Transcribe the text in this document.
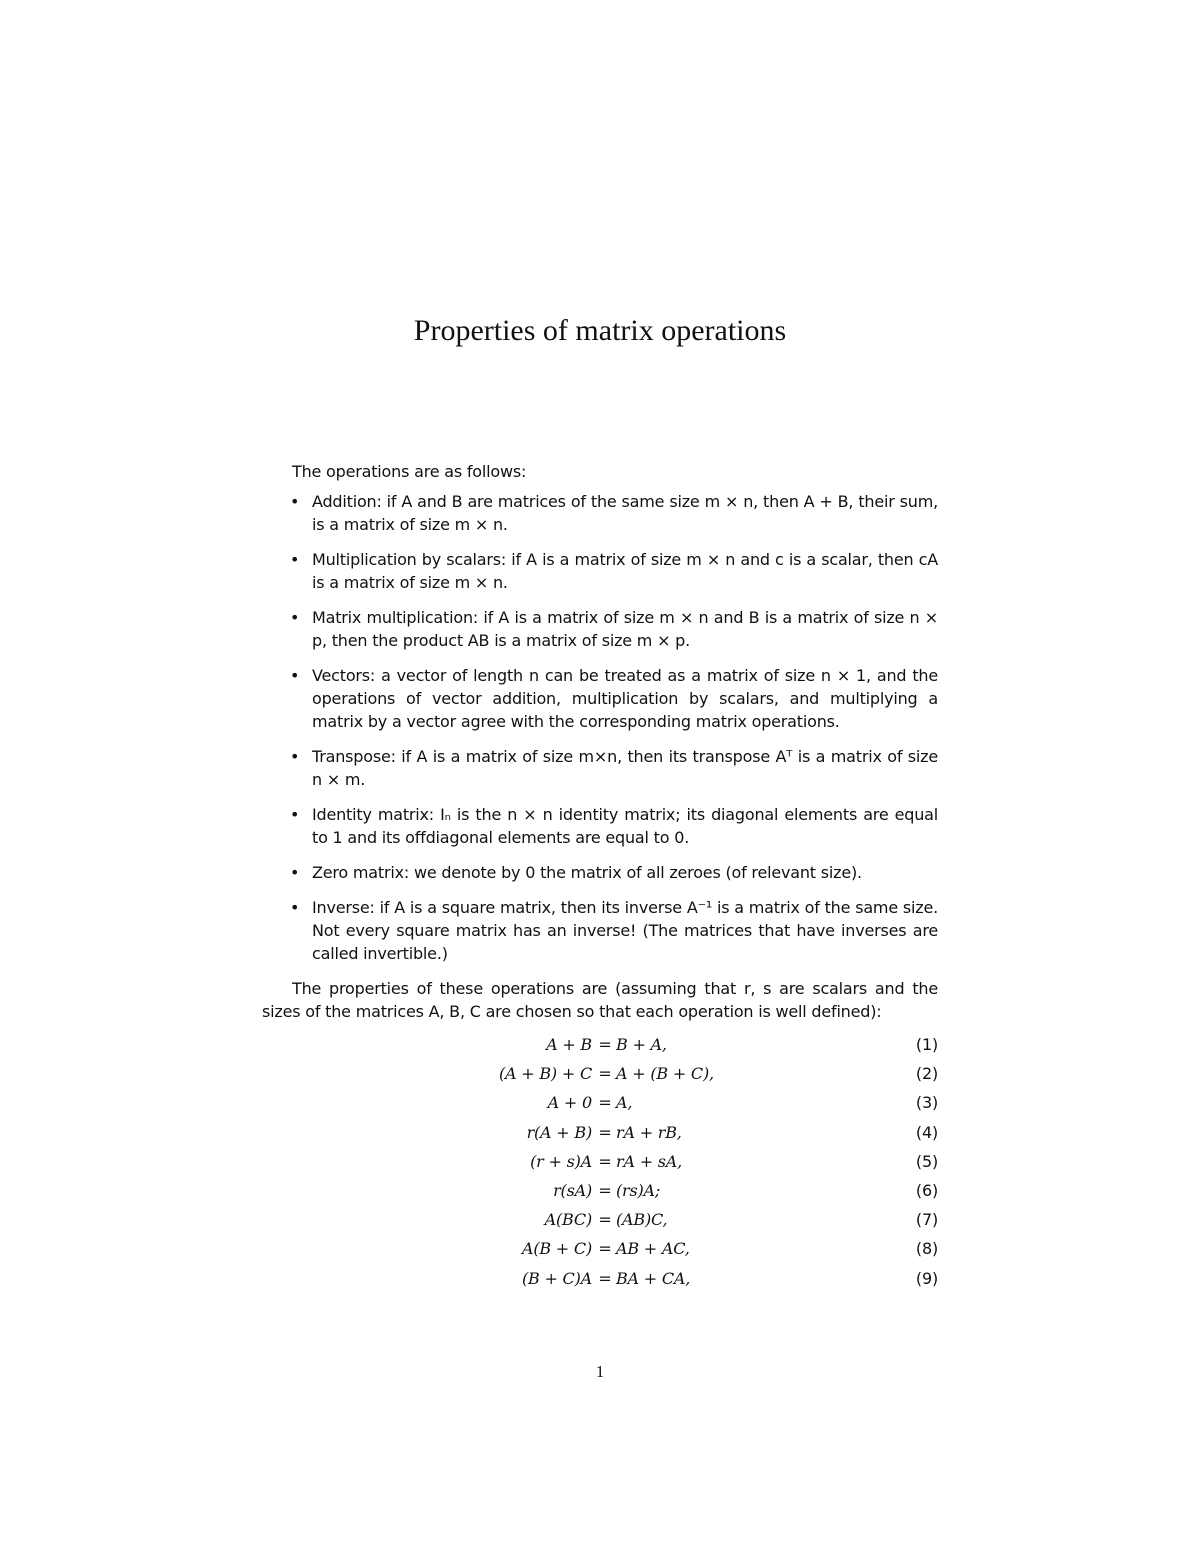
Properties of matrix operations

The operations are as follows:

• Addition: if A and B are matrices of the same size m × n, then A + B, their sum, is a matrix of size m × n.
• Multiplication by scalars: if A is a matrix of size m × n and c is a scalar, then cA is a matrix of size m × n.
• Matrix multiplication: if A is a matrix of size m × n and B is a matrix of size n × p, then the product AB is a matrix of size m × p.
• Vectors: a vector of length n can be treated as a matrix of size n × 1, and the operations of vector addition, multiplication by scalars, and multiplying a matrix by a vector agree with the corresponding matrix operations.
• Transpose: if A is a matrix of size m×n, then its transpose Aᵀ is a matrix of size n × m.
• Identity matrix: Iₙ is the n × n identity matrix; its diagonal elements are equal to 1 and its offdiagonal elements are equal to 0.
• Zero matrix: we denote by 0 the matrix of all zeroes (of relevant size).
• Inverse: if A is a square matrix, then its inverse A⁻¹ is a matrix of the same size. Not every square matrix has an inverse! (The matrices that have inverses are called invertible.)

The properties of these operations are (assuming that r, s are scalars and the sizes of the matrices A, B, C are chosen so that each operation is well defined):

A + B = B + A,	(1)
(A + B) + C = A + (B + C),	(2)
A + 0 = A,	(3)
r(A + B) = rA + rB,	(4)
(r + s)A = rA + sA,	(5)
r(sA) = (rs)A;	(6)
A(BC) = (AB)C,	(7)
A(B + C) = AB + AC,	(8)
(B + C)A = BA + CA,	(9)
1
